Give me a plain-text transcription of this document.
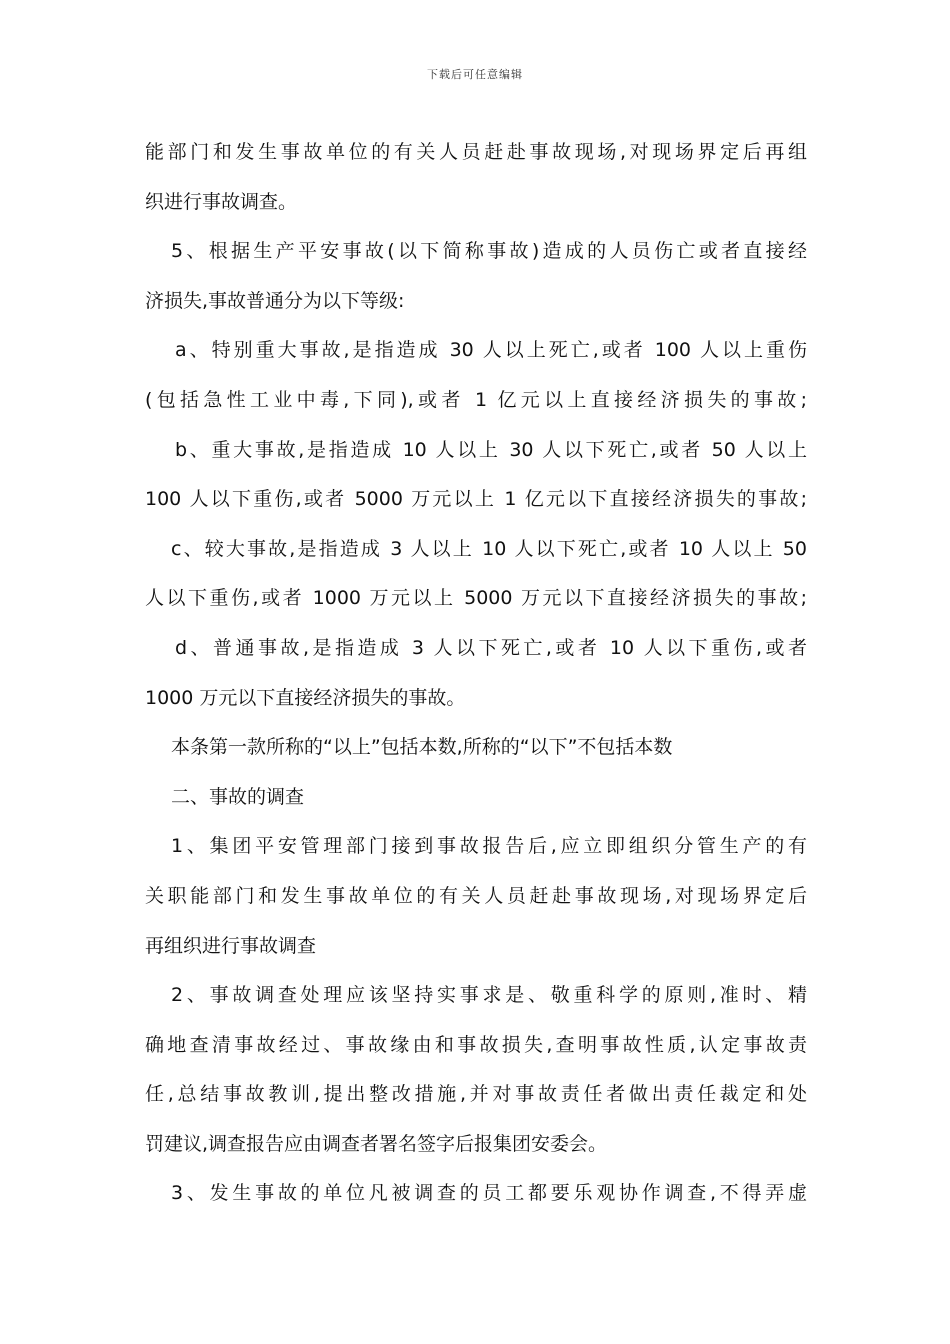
下载后可任意编辑
能部门和发生事故单位的有关人员赶赴事故现场,对现场界定后再组
织进行事故调查。
5、根据生产平安事故(以下简称事故)造成的人员伤亡或者直接经
济损失,事故普通分为以下等级:
a、特别重大事故,是指造成 30 人以上死亡,或者 100 人以上重伤
(包括急性工业中毒,下同),或者 1 亿元以上直接经济损失的事故;
b、重大事故,是指造成 10 人以上 30 人以下死亡,或者 50 人以上
100 人以下重伤,或者 5000 万元以上 1 亿元以下直接经济损失的事故;
c、较大事故,是指造成 3 人以上 10 人以下死亡,或者 10 人以上 50
人以下重伤,或者 1000 万元以上 5000 万元以下直接经济损失的事故;
d、普通事故,是指造成 3 人以下死亡,或者 10 人以下重伤,或者
1000 万元以下直接经济损失的事故。
本条第一款所称的“以上”包括本数,所称的“以下”不包括本数
二、事故的调查
1、集团平安管理部门接到事故报告后,应立即组织分管生产的有
关职能部门和发生事故单位的有关人员赶赴事故现场,对现场界定后
再组织进行事故调查
2、事故调查处理应该坚持实事求是、敬重科学的原则,准时、精
确地查清事故经过、事故缘由和事故损失,查明事故性质,认定事故责
任,总结事故教训,提出整改措施,并对事故责任者做出责任裁定和处
罚建议,调查报告应由调查者署名签字后报集团安委会。
3、发生事故的单位凡被调查的员工都要乐观协作调查,不得弄虚
